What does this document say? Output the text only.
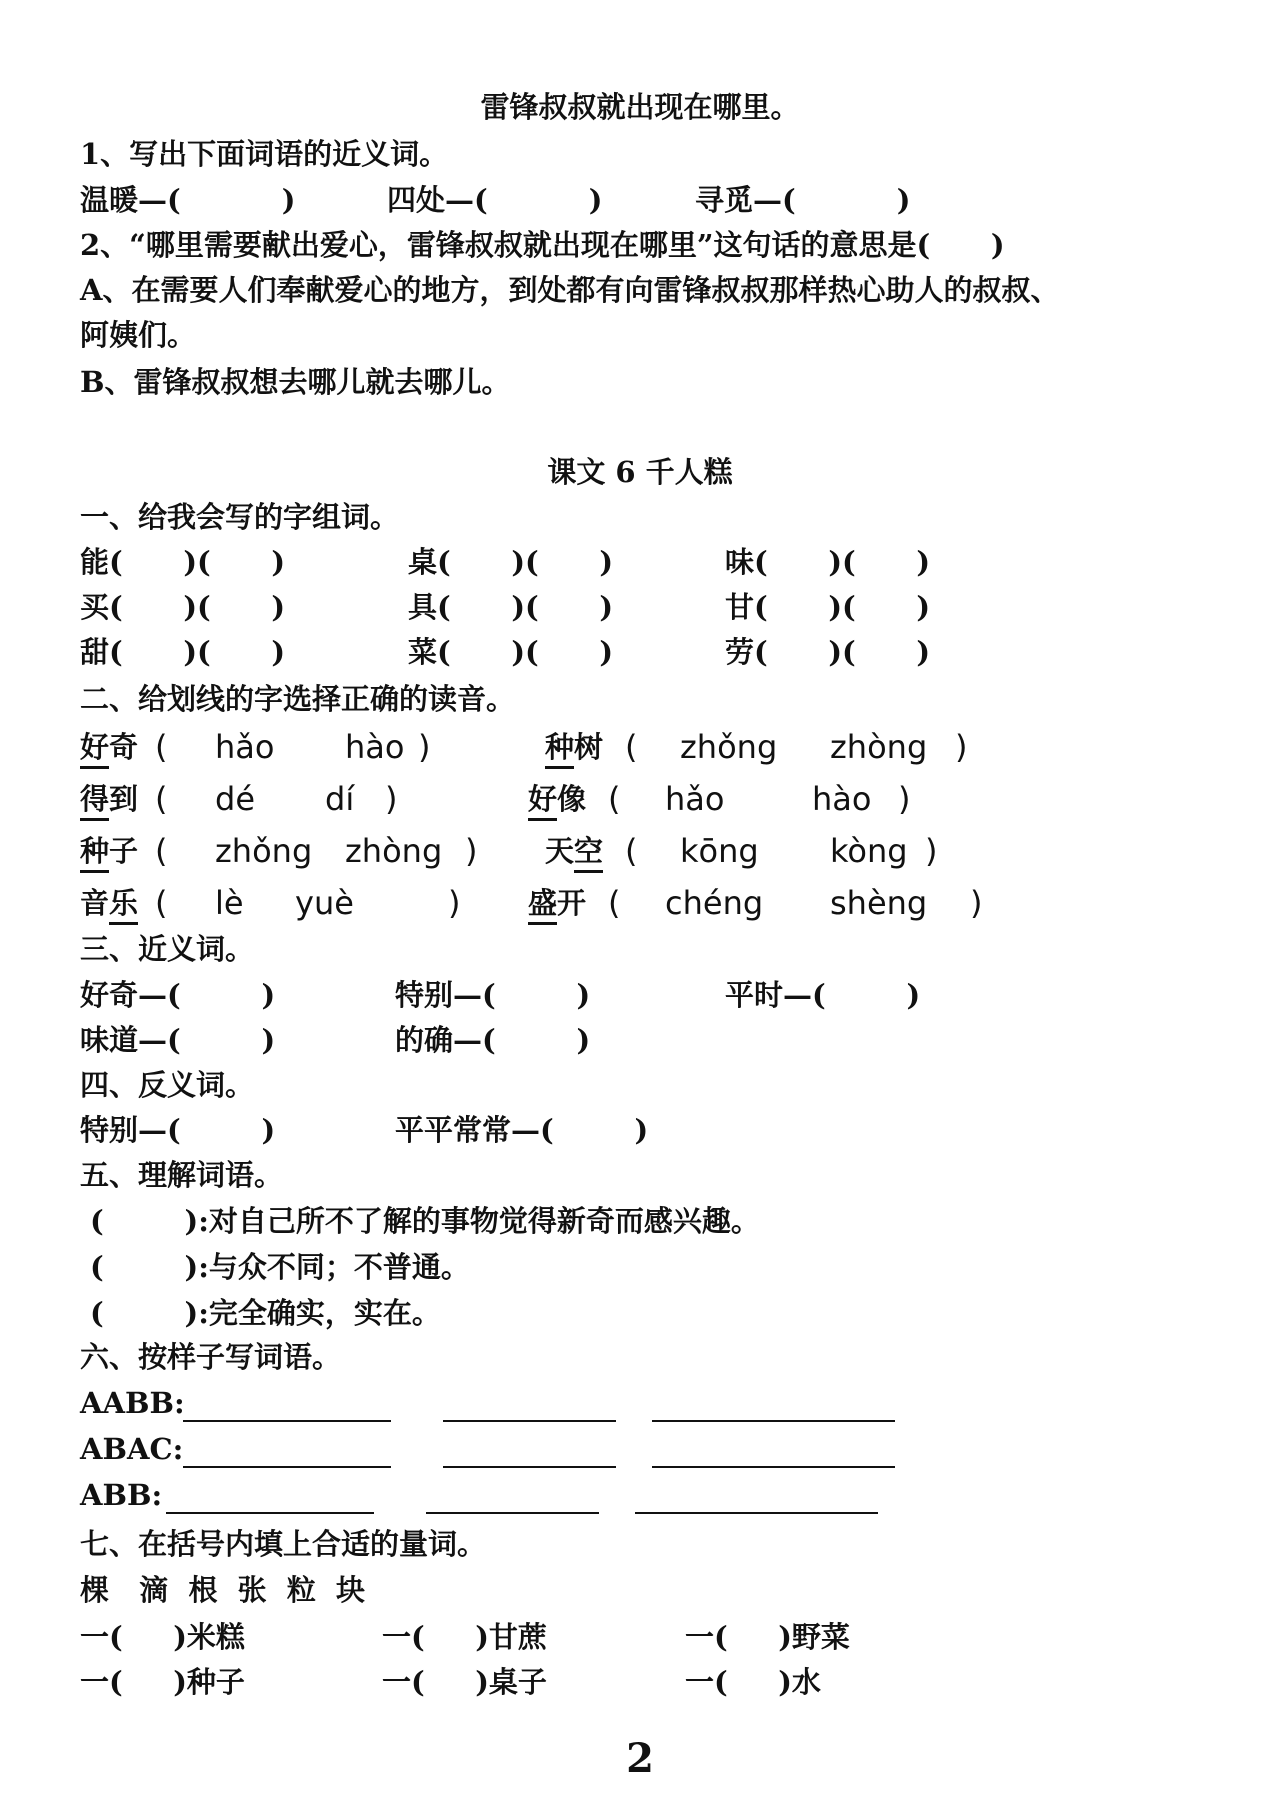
雷锋叔叔就出现在哪里。
1、写出下面词语的近义词。
温暖—(          )	四处—(          )	寻觅—(          )
2、“哪里需要献出爱心，雷锋叔叔就出现在哪里”这句话的意思是(      )
A、在需要人们奉献爱心的地方，到处都有向雷锋叔叔那样热心助人的叔叔、
阿姨们。
B、雷锋叔叔想去哪儿就去哪儿。
课文 6 千人糕
一、给我会写的字组词。
能(      )(      )	桌(      )(      )	味(      )(      )
买(      )(      )	具(      )(      )	甘(      )(      )
甜(      )(      )	菜(      )(      )	劳(      )(      )
二、给划线的字选择正确的读音。
好奇 ( hǎo hào )	种树 ( zhǒng zhòng )
得到 ( dé dí )	好像 ( hǎo	hào )
种子 ( zhǒng zhòng ) 天空 ( kōng kòng )
音乐 ( lè yuè	) 盛开 ( chéng shèng )
三、近义词。
好奇—(        )	特别—(        )	平时—(        )
味道—(        )	的确—(        )
四、反义词。
特别—(        )	平平常常—(        )
五、理解词语。
(        ):对自己所不了解的事物觉得新奇而感兴趣。
(        ):与众不同；不普通。
(        ):完全确实，实在。
六、按样子写词语。
AABB:
ABAC:
ABB:
七、在括号内填上合适的量词。
棵   滴  根  张  粒  块
一(     )米糕	一(     )甘蔗	一(     )野菜
一(     )种子	一(     )桌子	一(     )水
2
